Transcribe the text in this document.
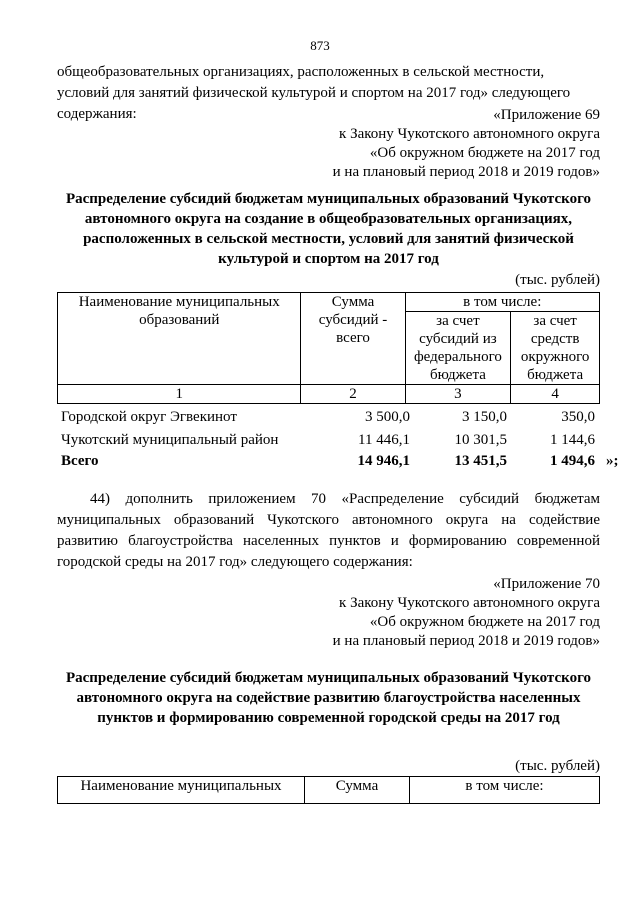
873
общеобразовательных организациях, расположенных в сельской местности, условий для занятий физической культурой и спортом на 2017 год» следующего содержания:	«Приложение 69
к Закону Чукотского автономного округа
«Об окружном бюджете на 2017 год
и на плановый период 2018 и 2019 годов»
Распределение субсидий бюджетам муниципальных образований Чукотского автономного округа на создание в общеобразовательных организациях, расположенных в сельской местности, условий для занятий физической культурой и спортом на 2017 год
(тыс. рублей)
Наименование муниципальных образований	Сумма субсидий - всего	в том числе:	
		за счет субсидий из федерального бюджета	за счет средств окружного бюджета
1	2	3	4
Городской округ Эгвекинот	3 500,0	3 150,0	350,0
Чукотский муниципальный район	11 446,1	10 301,5	1 144,6
Всего	14 946,1	13 451,5	1 494,6 »;
44) дополнить приложением 70 «Распределение субсидий бюджетам муниципальных образований Чукотского автономного округа на содействие развитию благоустройства населенных пунктов и формированию современной городской среды на 2017 год» следующего содержания:
«Приложение 70
к Закону Чукотского автономного округа
«Об окружном бюджете на 2017 год
и на плановый период 2018 и 2019 годов»
Распределение субсидий бюджетам муниципальных образований Чукотского автономного округа на содействие развитию благоустройства населенных пунктов и формированию современной городской среды на 2017 год
(тыс. рублей)
Наименование муниципальных	Сумма	в том числе:
